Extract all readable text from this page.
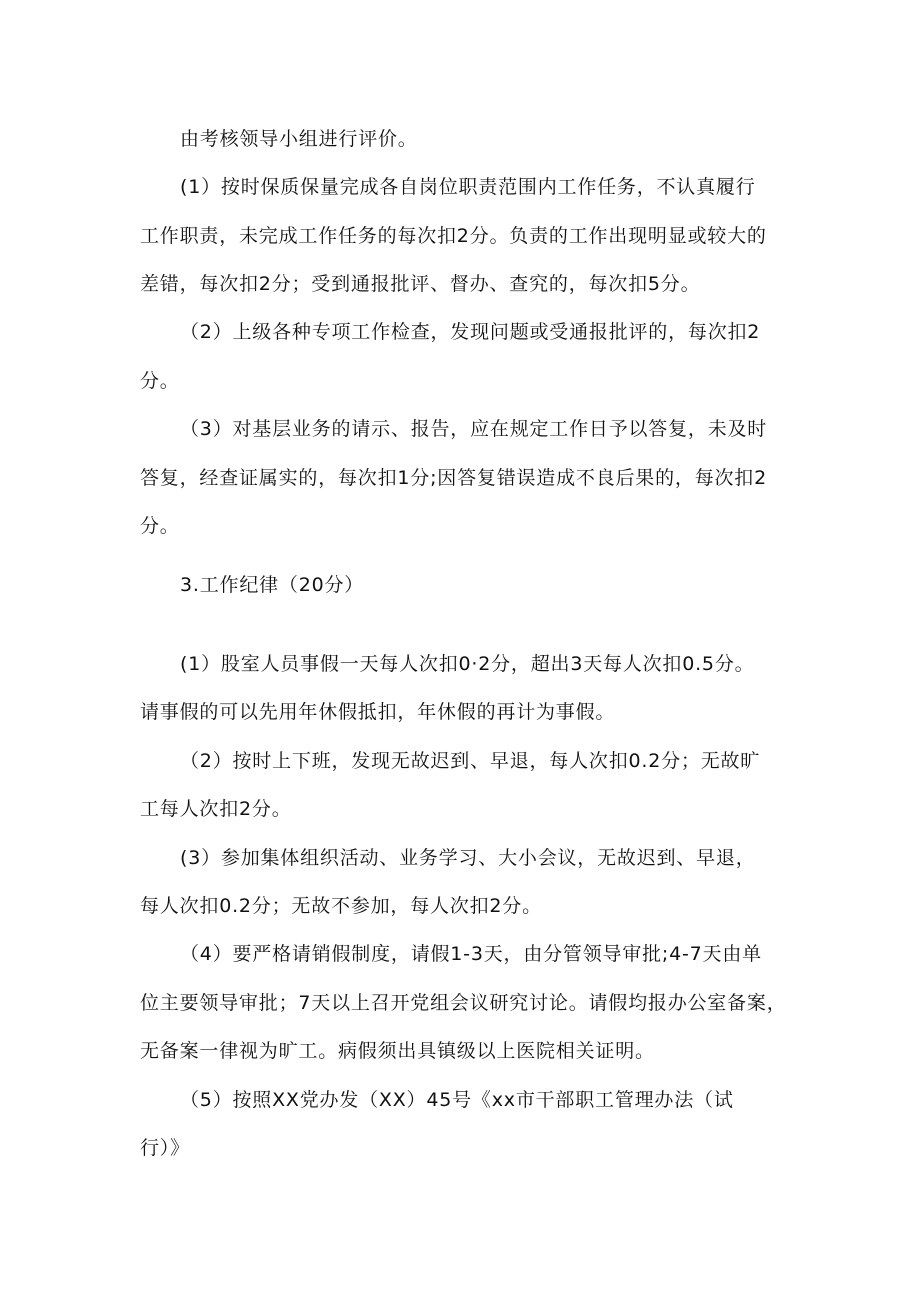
由考核领导小组进行评价。
(1）按时保质保量完成各自岗位职责范围内工作任务，不认真履行
工作职责，未完成工作任务的每次扣2分。负责的工作出现明显或较大的
差错，每次扣2分；受到通报批评、督办、查究的，每次扣5分。
（2）上级各种专项工作检查，发现问题或受通报批评的，每次扣2
分。
（3）对基层业务的请示、报告，应在规定工作日予以答复，未及时
答复，经查证属实的，每次扣1分;因答复错误造成不良后果的，每次扣2
分。
3.工作纪律（20分）
(1）股室人员事假一天每人次扣0·2分，超出3天每人次扣0.5分。
请事假的可以先用年休假抵扣，年休假的再计为事假。
（2）按时上下班，发现无故迟到、早退，每人次扣0.2分；无故旷
工每人次扣2分。
(3）参加集体组织活动、业务学习、大小会议，无故迟到、早退，
每人次扣0.2分；无故不参加，每人次扣2分。
（4）要严格请销假制度，请假1-3天，由分管领导审批;4-7天由单
位主要领导审批；7天以上召开党组会议研究讨论。请假均报办公室备案，
无备案一律视为旷工。病假须出具镇级以上医院相关证明。
（5）按照XX党办发（XX）45号《xx市干部职工管理办法（试
行）》
